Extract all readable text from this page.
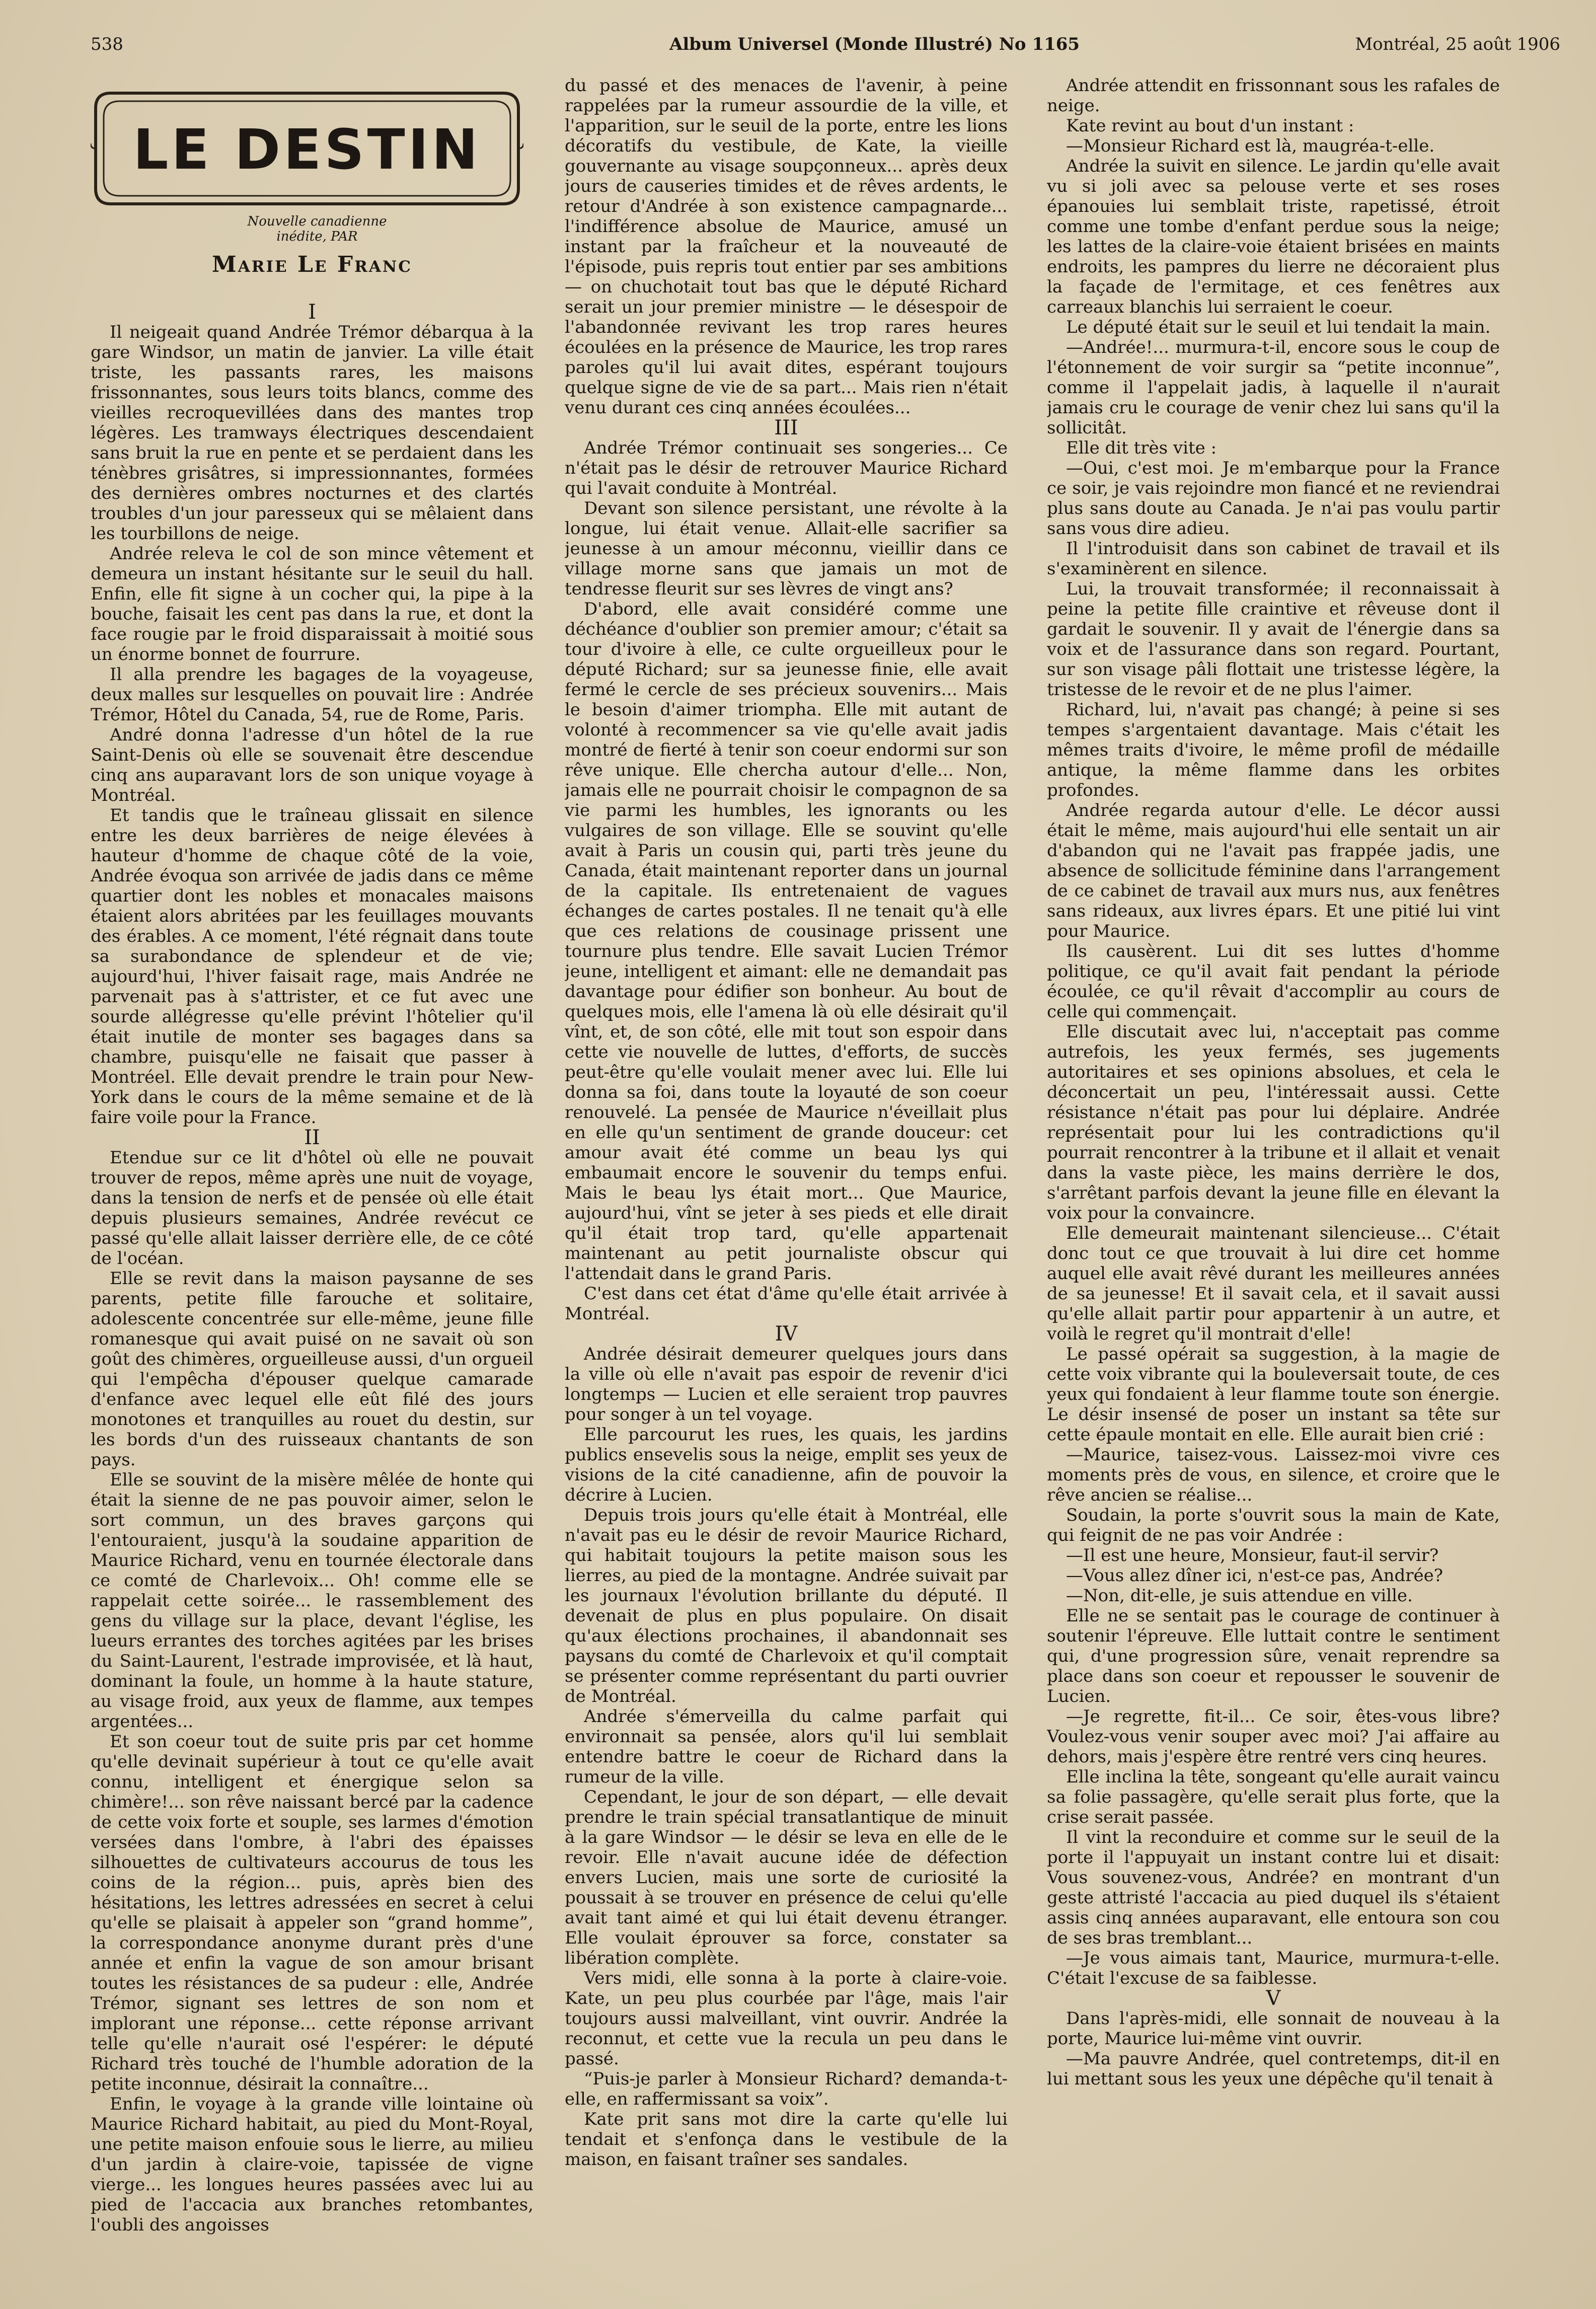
538	Album Universel (Monde Illustré) No 1165	Montréal, 25 août 1906
LE DESTIN
Nouvelle canadienne inédite, PAR
Marie Le Franc

I

Il neigeait quand Andrée Trémor débarqua à la gare Windsor, un matin de janvier. La ville était triste, les passants rares, les maisons frissonnantes, sous leurs toits blancs, comme des vieilles recroquevillées dans des mantes trop légères. Les tramways électriques descendaient sans bruit la rue en pente et se perdaient dans les ténèbres grisâtres, si impressionnantes, formées des dernières ombres nocturnes et des clartés troubles d'un jour paresseux qui se mêlaient dans les tourbillons de neige.

Andrée releva le col de son mince vêtement et demeura un instant hésitante sur le seuil du hall. Enfin, elle fit signe à un cocher qui, la pipe à la bouche, faisait les cent pas dans la rue, et dont la face rougie par le froid disparaissait à moitié sous un énorme bonnet de fourrure.

Il alla prendre les bagages de la voyageuse, deux malles sur lesquelles on pouvait lire : Andrée Trémor, Hôtel du Canada, 54, rue de Rome, Paris.

André donna l'adresse d'un hôtel de la rue Saint-Denis où elle se souvenait être descendue cinq ans auparavant lors de son unique voyage à Montréal.

Et tandis que le traîneau glissait en silence entre les deux barrières de neige élevées à hauteur d'homme de chaque côté de la voie, Andrée évoqua son arrivée de jadis dans ce même quartier dont les nobles et monacales maisons étaient alors abritées par les feuillages mouvants des érables. A ce moment, l'été régnait dans toute sa surabondance de splendeur et de vie; aujourd'hui, l'hiver faisait rage, mais Andrée ne parvenait pas à s'attrister, et ce fut avec une sourde allégresse qu'elle prévint l'hôtelier qu'il était inutile de monter ses bagages dans sa chambre, puisqu'elle ne faisait que passer à Montréel. Elle devait prendre le train pour New-York dans le cours de la même semaine et de là faire voile pour la France.

II

Etendue sur ce lit d'hôtel où elle ne pouvait trouver de repos, même après une nuit de voyage, dans la tension de nerfs et de pensée où elle était depuis plusieurs semaines, Andrée revécut ce passé qu'elle allait laisser derrière elle, de ce côté de l'océan.

Elle se revit dans la maison paysanne de ses parents, petite fille farouche et solitaire, adolescente concentrée sur elle-même, jeune fille romanesque qui avait puisé on ne savait où son goût des chimères, orgueilleuse aussi, d'un orgueil qui l'empêcha d'épouser quelque camarade d'enfance avec lequel elle eût filé des jours monotones et tranquilles au rouet du destin, sur les bords d'un des ruisseaux chantants de son pays.

Elle se souvint de la misère mêlée de honte qui était la sienne de ne pas pouvoir aimer, selon le sort commun, un des braves garçons qui l'entouraient, jusqu'à la soudaine apparition de Maurice Richard, venu en tournée électorale dans ce comté de Charlevoix... Oh! comme elle se rappelait cette soirée... le rassemblement des gens du village sur la place, devant l'église, les lueurs errantes des torches agitées par les brises du Saint-Laurent, l'estrade improvisée, et là haut, dominant la foule, un homme à la haute stature, au visage froid, aux yeux de flamme, aux tempes argentées...

Et son coeur tout de suite pris par cet homme qu'elle devinait supérieur à tout ce qu'elle avait connu, intelligent et énergique selon sa chimère!... son rêve naissant bercé par la cadence de cette voix forte et souple, ses larmes d'émotion versées dans l'ombre, à l'abri des épaisses silhouettes de cultivateurs accourus de tous les coins de la région... puis, après bien des hésitations, les lettres adressées en secret à celui qu'elle se plaisait à appeler son “grand homme”, la correspondance anonyme durant près d'une année et enfin la vague de son amour brisant toutes les résistances de sa pudeur : elle, Andrée Trémor, signant ses lettres de son nom et implorant une réponse... cette réponse arrivant telle qu'elle n'aurait osé l'espérer: le député Richard très touché de l'humble adoration de la petite inconnue, désirait la connaître...

Enfin, le voyage à la grande ville lointaine où Maurice Richard habitait, au pied du Mont-Royal, une petite maison enfouie sous le lierre, au milieu d'un jardin à claire-voie, tapissée de vigne vierge... les longues heures passées avec lui au pied de l'accacia aux branches retombantes, l'oubli des angoisses

du passé et des menaces de l'avenir, à peine rappelées par la rumeur assourdie de la ville, et l'apparition, sur le seuil de la porte, entre les lions décoratifs du vestibule, de Kate, la vieille gouvernante au visage soupçonneux... après deux jours de causeries timides et de rêves ardents, le retour d'Andrée à son existence campagnarde... l'indifférence absolue de Maurice, amusé un instant par la fraîcheur et la nouveauté de l'épisode, puis repris tout entier par ses ambitions — on chuchotait tout bas que le député Richard serait un jour premier ministre — le désespoir de l'abandonnée revivant les trop rares heures écoulées en la présence de Maurice, les trop rares paroles qu'il lui avait dites, espérant toujours quelque signe de vie de sa part... Mais rien n'était venu durant ces cinq années écoulées...

III

Andrée Trémor continuait ses songeries... Ce n'était pas le désir de retrouver Maurice Richard qui l'avait conduite à Montréal.

Devant son silence persistant, une révolte à la longue, lui était venue. Allait-elle sacrifier sa jeunesse à un amour méconnu, vieillir dans ce village morne sans que jamais un mot de tendresse fleurit sur ses lèvres de vingt ans?

D'abord, elle avait considéré comme une déchéance d'oublier son premier amour; c'était sa tour d'ivoire à elle, ce culte orgueilleux pour le député Richard; sur sa jeunesse finie, elle avait fermé le cercle de ses précieux souvenirs... Mais le besoin d'aimer triompha. Elle mit autant de volonté à recommencer sa vie qu'elle avait jadis montré de fierté à tenir son coeur endormi sur son rêve unique. Elle chercha autour d'elle... Non, jamais elle ne pourrait choisir le compagnon de sa vie parmi les humbles, les ignorants ou les vulgaires de son village. Elle se souvint qu'elle avait à Paris un cousin qui, parti très jeune du Canada, était maintenant reporter dans un journal de la capitale. Ils entretenaient de vagues échanges de cartes postales. Il ne tenait qu'à elle que ces relations de cousinage prissent une tournure plus tendre. Elle savait Lucien Trémor jeune, intelligent et aimant: elle ne demandait pas davantage pour édifier son bonheur. Au bout de quelques mois, elle l'amena là où elle désirait qu'il vînt, et, de son côté, elle mit tout son espoir dans cette vie nouvelle de luttes, d'efforts, de succès peut-être qu'elle voulait mener avec lui. Elle lui donna sa foi, dans toute la loyauté de son coeur renouvelé. La pensée de Maurice n'éveillait plus en elle qu'un sentiment de grande douceur: cet amour avait été comme un beau lys qui embaumait encore le souvenir du temps enfui. Mais le beau lys était mort... Que Maurice, aujourd'hui, vînt se jeter à ses pieds et elle dirait qu'il était trop tard, qu'elle appartenait maintenant au petit journaliste obscur qui l'attendait dans le grand Paris.

C'est dans cet état d'âme qu'elle était arrivée à Montréal.

IV

Andrée désirait demeurer quelques jours dans la ville où elle n'avait pas espoir de revenir d'ici longtemps — Lucien et elle seraient trop pauvres pour songer à un tel voyage.

Elle parcourut les rues, les quais, les jardins publics ensevelis sous la neige, emplit ses yeux de visions de la cité canadienne, afin de pouvoir la décrire à Lucien.

Depuis trois jours qu'elle était à Montréal, elle n'avait pas eu le désir de revoir Maurice Richard, qui habitait toujours la petite maison sous les lierres, au pied de la montagne. Andrée suivait par les journaux l'évolution brillante du député. Il devenait de plus en plus populaire. On disait qu'aux élections prochaines, il abandonnait ses paysans du comté de Charlevoix et qu'il comptait se présenter comme représentant du parti ouvrier de Montréal.

Andrée s'émerveilla du calme parfait qui environnait sa pensée, alors qu'il lui semblait entendre battre le coeur de Richard dans la rumeur de la ville.

Cependant, le jour de son départ, — elle devait prendre le train spécial transatlantique de minuit à la gare Windsor — le désir se leva en elle de le revoir. Elle n'avait aucune idée de défection envers Lucien, mais une sorte de curiosité la poussait à se trouver en présence de celui qu'elle avait tant aimé et qui lui était devenu étranger. Elle voulait éprouver sa force, constater sa libération complète.

Vers midi, elle sonna à la porte à claire-voie. Kate, un peu plus courbée par l'âge, mais l'air toujours aussi malveillant, vint ouvrir. Andrée la reconnut, et cette vue la recula un peu dans le passé.

“Puis-je parler à Monsieur Richard? demanda-t-elle, en raffermissant sa voix”.

Kate prit sans mot dire la carte qu'elle lui tendait et s'enfonça dans le vestibule de la maison, en faisant traîner ses sandales.

Andrée attendit en frissonnant sous les rafales de neige.

Kate revint au bout d'un instant :

—Monsieur Richard est là, maugréa-t-elle.

Andrée la suivit en silence. Le jardin qu'elle avait vu si joli avec sa pelouse verte et ses roses épanouies lui semblait triste, rapetissé, étroit comme une tombe d'enfant perdue sous la neige; les lattes de la claire-voie étaient brisées en maints endroits, les pampres du lierre ne décoraient plus la façade de l'ermitage, et ces fenêtres aux carreaux blanchis lui serraient le coeur.

Le député était sur le seuil et lui tendait la main.

—Andrée!... murmura-t-il, encore sous le coup de l'étonnement de voir surgir sa “petite inconnue”, comme il l'appelait jadis, à laquelle il n'aurait jamais cru le courage de venir chez lui sans qu'il la sollicitât.

Elle dit très vite :

—Oui, c'est moi. Je m'embarque pour la France ce soir, je vais rejoindre mon fiancé et ne reviendrai plus sans doute au Canada. Je n'ai pas voulu partir sans vous dire adieu.

Il l'introduisit dans son cabinet de travail et ils s'examinèrent en silence.

Lui, la trouvait transformée; il reconnaissait à peine la petite fille craintive et rêveuse dont il gardait le souvenir. Il y avait de l'énergie dans sa voix et de l'assurance dans son regard. Pourtant, sur son visage pâli flottait une tristesse légère, la tristesse de le revoir et de ne plus l'aimer.

Richard, lui, n'avait pas changé; à peine si ses tempes s'argentaient davantage. Mais c'était les mêmes traits d'ivoire, le même profil de médaille antique, la même flamme dans les orbites profondes.

Andrée regarda autour d'elle. Le décor aussi était le même, mais aujourd'hui elle sentait un air d'abandon qui ne l'avait pas frappée jadis, une absence de sollicitude féminine dans l'arrangement de ce cabinet de travail aux murs nus, aux fenêtres sans rideaux, aux livres épars. Et une pitié lui vint pour Maurice.

Ils causèrent. Lui dit ses luttes d'homme politique, ce qu'il avait fait pendant la période écoulée, ce qu'il rêvait d'accomplir au cours de celle qui commençait.

Elle discutait avec lui, n'acceptait pas comme autrefois, les yeux fermés, ses jugements autoritaires et ses opinions absolues, et cela le déconcertait un peu, l'intéressait aussi. Cette résistance n'était pas pour lui déplaire. Andrée représentait pour lui les contradictions qu'il pourrait rencontrer à la tribune et il allait et venait dans la vaste pièce, les mains derrière le dos, s'arrêtant parfois devant la jeune fille en élevant la voix pour la convaincre.

Elle demeurait maintenant silencieuse... C'était donc tout ce que trouvait à lui dire cet homme auquel elle avait rêvé durant les meilleures années de sa jeunesse! Et il savait cela, et il savait aussi qu'elle allait partir pour appartenir à un autre, et voilà le regret qu'il montrait d'elle!

Le passé opérait sa suggestion, à la magie de cette voix vibrante qui la bouleversait toute, de ces yeux qui fondaient à leur flamme toute son énergie. Le désir insensé de poser un instant sa tête sur cette épaule montait en elle. Elle aurait bien crié :

—Maurice, taisez-vous. Laissez-moi vivre ces moments près de vous, en silence, et croire que le rêve ancien se réalise...

Soudain, la porte s'ouvrit sous la main de Kate, qui feignit de ne pas voir Andrée :

—Il est une heure, Monsieur, faut-il servir?

—Vous allez dîner ici, n'est-ce pas, Andrée?

—Non, dit-elle, je suis attendue en ville.

Elle ne se sentait pas le courage de continuer à soutenir l'épreuve. Elle luttait contre le sentiment qui, d'une progression sûre, venait reprendre sa place dans son coeur et repousser le souvenir de Lucien.

—Je regrette, fit-il... Ce soir, êtes-vous libre? Voulez-vous venir souper avec moi? J'ai affaire au dehors, mais j'espère être rentré vers cinq heures.

Elle inclina la tête, songeant qu'elle aurait vaincu sa folie passagère, qu'elle serait plus forte, que la crise serait passée.

Il vint la reconduire et comme sur le seuil de la porte il l'appuyait un instant contre lui et disait: Vous souvenez-vous, Andrée? en montrant d'un geste attristé l'accacia au pied duquel ils s'étaient assis cinq années auparavant, elle entoura son cou de ses bras tremblant...

—Je vous aimais tant, Maurice, murmura-t-elle. C'était l'excuse de sa faiblesse.

V

Dans l'après-midi, elle sonnait de nouveau à la porte, Maurice lui-même vint ouvrir.

—Ma pauvre Andrée, quel contretemps, dit-il en lui mettant sous les yeux une dépêche qu'il tenait à
